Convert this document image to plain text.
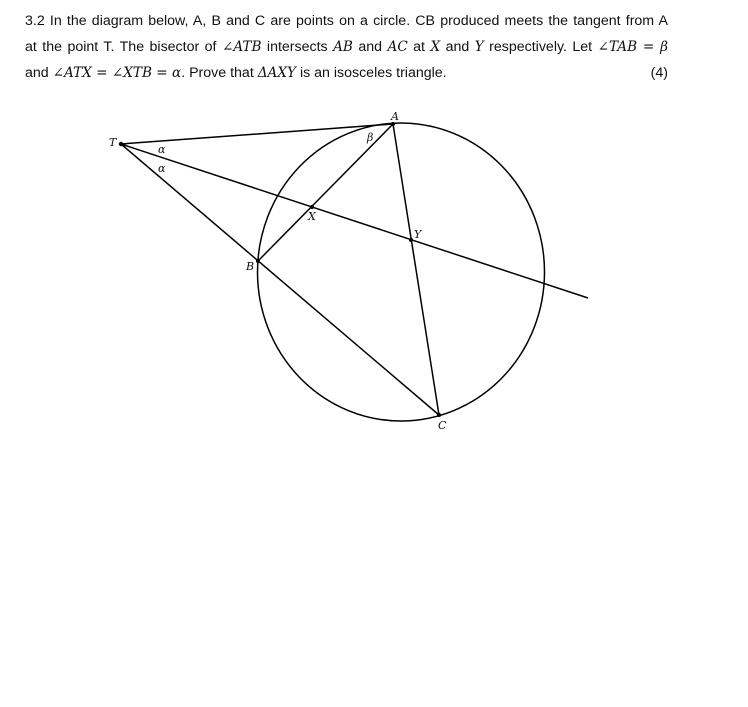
3.2 In the diagram below, A, B and C are points on a circle. CB produced meets the tangent from A
at the point T. The bisector of ∠ATB intersects AB and AC at X and Y respectively. Let ∠TAB = β
and ∠ATX = ∠XTB = α. Prove that ΔAXY is an isosceles triangle.	(4)
T
A
B
C
X
Y
α
α
β
